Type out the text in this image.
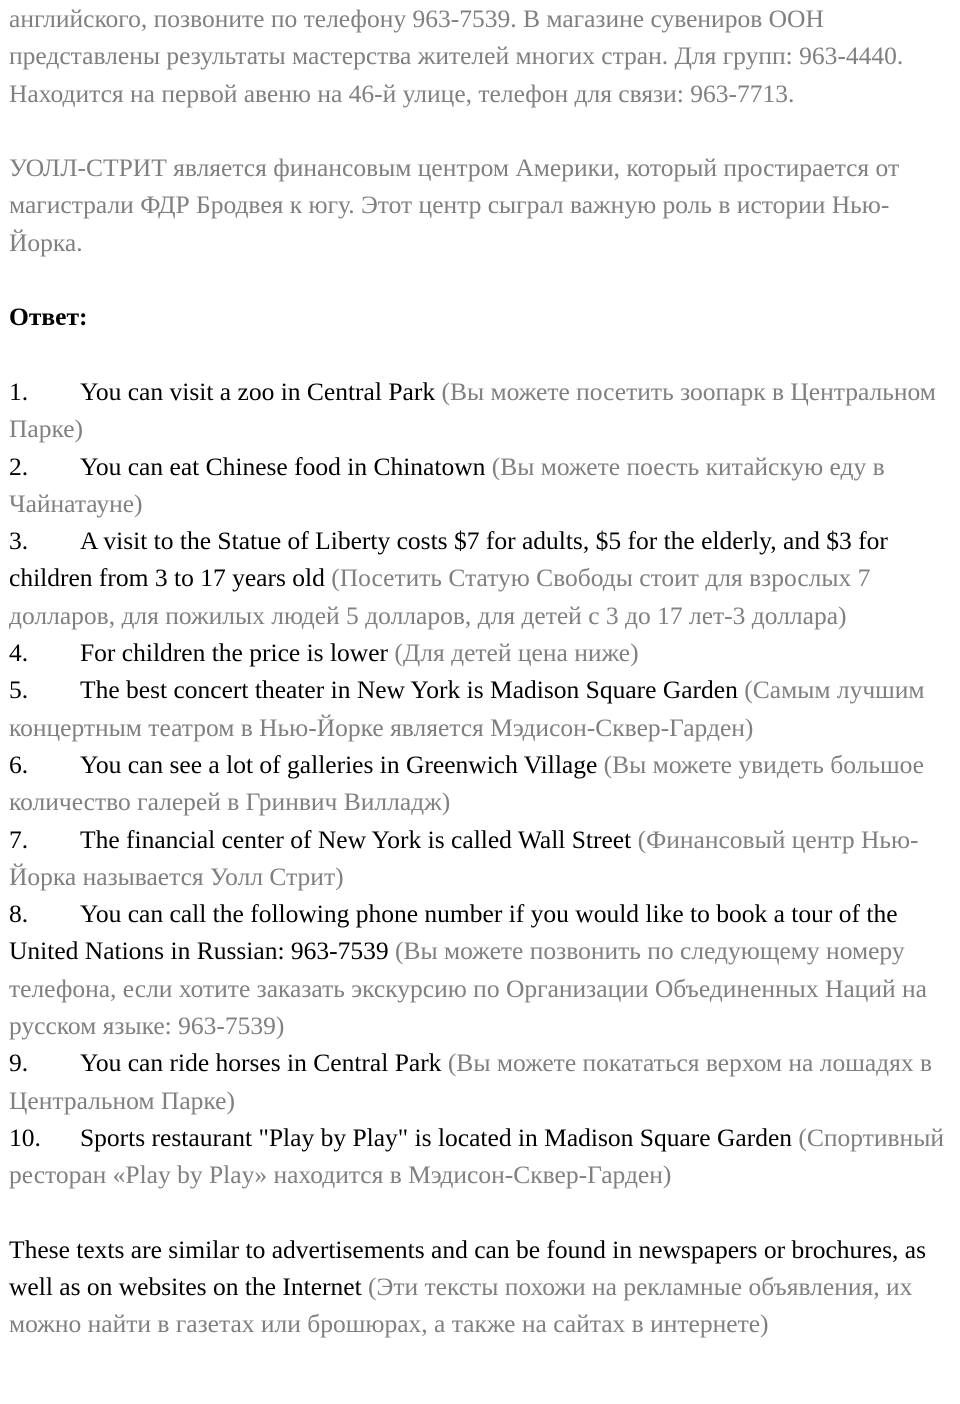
английского, позвоните по телефону 963-7539. В магазине сувениров ООН представлены результаты мастерства жителей многих стран. Для групп: 963-4440. Находится на первой авеню на 46-й улице, телефон для связи: 963-7713.

УОЛЛ-СТРИТ является финансовым центром Америки, который простирается от магистрали ФДР Бродвея к югу. Этот центр сыграл важную роль в истории Нью-Йорка.

Ответ:

1. You can visit a zoo in Central Park (Вы можете посетить зоопарк в Центральном Парке)

2. You can eat Chinese food in Chinatown (Вы можете поесть китайскую еду в Чайнатауне)

3. A visit to the Statue of Liberty costs $7 for adults, $5 for the elderly, and $3 for children from 3 to 17 years old (Посетить Статую Свободы стоит для взрослых 7 долларов, для пожилых людей 5 долларов, для детей с 3 до 17 лет-3 доллара)

4. For children the price is lower (Для детей цена ниже)

5. The best concert theater in New York is Madison Square Garden (Самым лучшим концертным театром в Нью-Йорке является Мэдисон-Сквер-Гарден)

6. You can see a lot of galleries in Greenwich Village (Вы можете увидеть большое количество галерей в Гринвич Вилладж)

7. The financial center of New York is called Wall Street (Финансовый центр Нью-Йорка называется Уолл Стрит)

8. You can call the following phone number if you would like to book a tour of the United Nations in Russian: 963-7539 (Вы можете позвонить по следующему номеру телефона, если хотите заказать экскурсию по Организации Объединенных Наций на русском языке: 963-7539)

9. You can ride horses in Central Park (Вы можете покататься верхом на лошадях в Центральном Парке)

10. Sports restaurant "Play by Play" is located in Madison Square Garden (Спортивный ресторан «Play by Play» находится в Мэдисон-Сквер-Гарден)

These texts are similar to advertisements and can be found in newspapers or brochures, as well as on websites on the Internet (Эти тексты похожи на рекламные объявления, их можно найти в газетах или брошюрах, а также на сайтах в интернете)
